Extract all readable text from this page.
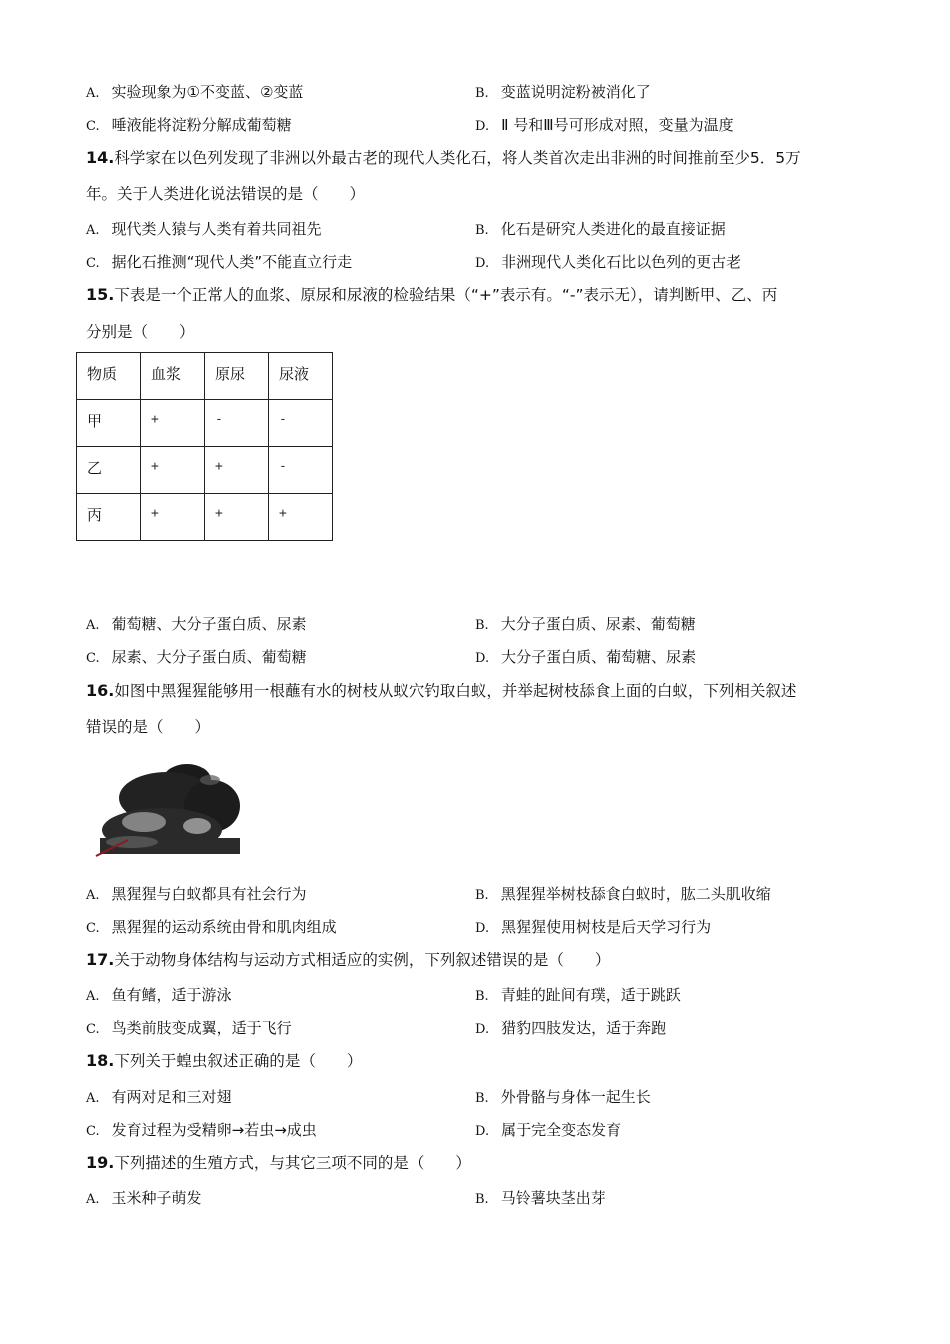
A. 实验现象为①不变蓝、②变蓝	B. 变蓝说明淀粉被消化了
C. 唾液能将淀粉分解成葡萄糖	D. Ⅱ 号和Ⅲ号可形成对照，变量为温度
14.科学家在以色列发现了非洲以外最古老的现代人类化石，将人类首次走出非洲的时间推前至少5．5万
年。关于人类进化说法错误的是（　　）
A. 现代类人猿与人类有着共同祖先	B. 化石是研究人类进化的最直接证据
C. 据化石推测“现代人类”不能直立行走	D. 非洲现代人类化石比以色列的更古老
15.下表是一个正常人的血浆、原尿和尿液的检验结果（“+”表示有。“-”表示无），请判断甲、乙、丙
分别是（　　）
物质	血浆	原尿	尿液
甲	+	-	-
乙	+	+	-
丙	+	+	+
A. 葡萄糖、大分子蛋白质、尿素	B. 大分子蛋白质、尿素、葡萄糖
C. 尿素、大分子蛋白质、葡萄糖	D. 大分子蛋白质、葡萄糖、尿素
16.如图中黑猩猩能够用一根蘸有水的树枝从蚁穴钓取白蚁，并举起树枝舔食上面的白蚁，下列相关叙述
错误的是（　　）
A. 黑猩猩与白蚁都具有社会行为	B. 黑猩猩举树枝舔食白蚁时，肱二头肌收缩
C. 黑猩猩的运动系统由骨和肌肉组成	D. 黑猩猩使用树枝是后天学习行为
17.关于动物身体结构与运动方式相适应的实例，下列叙述错误的是（　　）
A. 鱼有鳍，适于游泳	B. 青蛙的趾间有璞，适于跳跃
C. 鸟类前肢变成翼，适于飞行	D. 猎豹四肢发达，适于奔跑
18.下列关于蝗虫叙述正确的是（　　）
A. 有两对足和三对翅	B. 外骨骼与身体一起生长
C. 发育过程为受精卵→若虫→成虫	D. 属于完全变态发育
19.下列描述的生殖方式，与其它三项不同的是（　　）
A. 玉米种子萌发	B. 马铃薯块茎出芽
